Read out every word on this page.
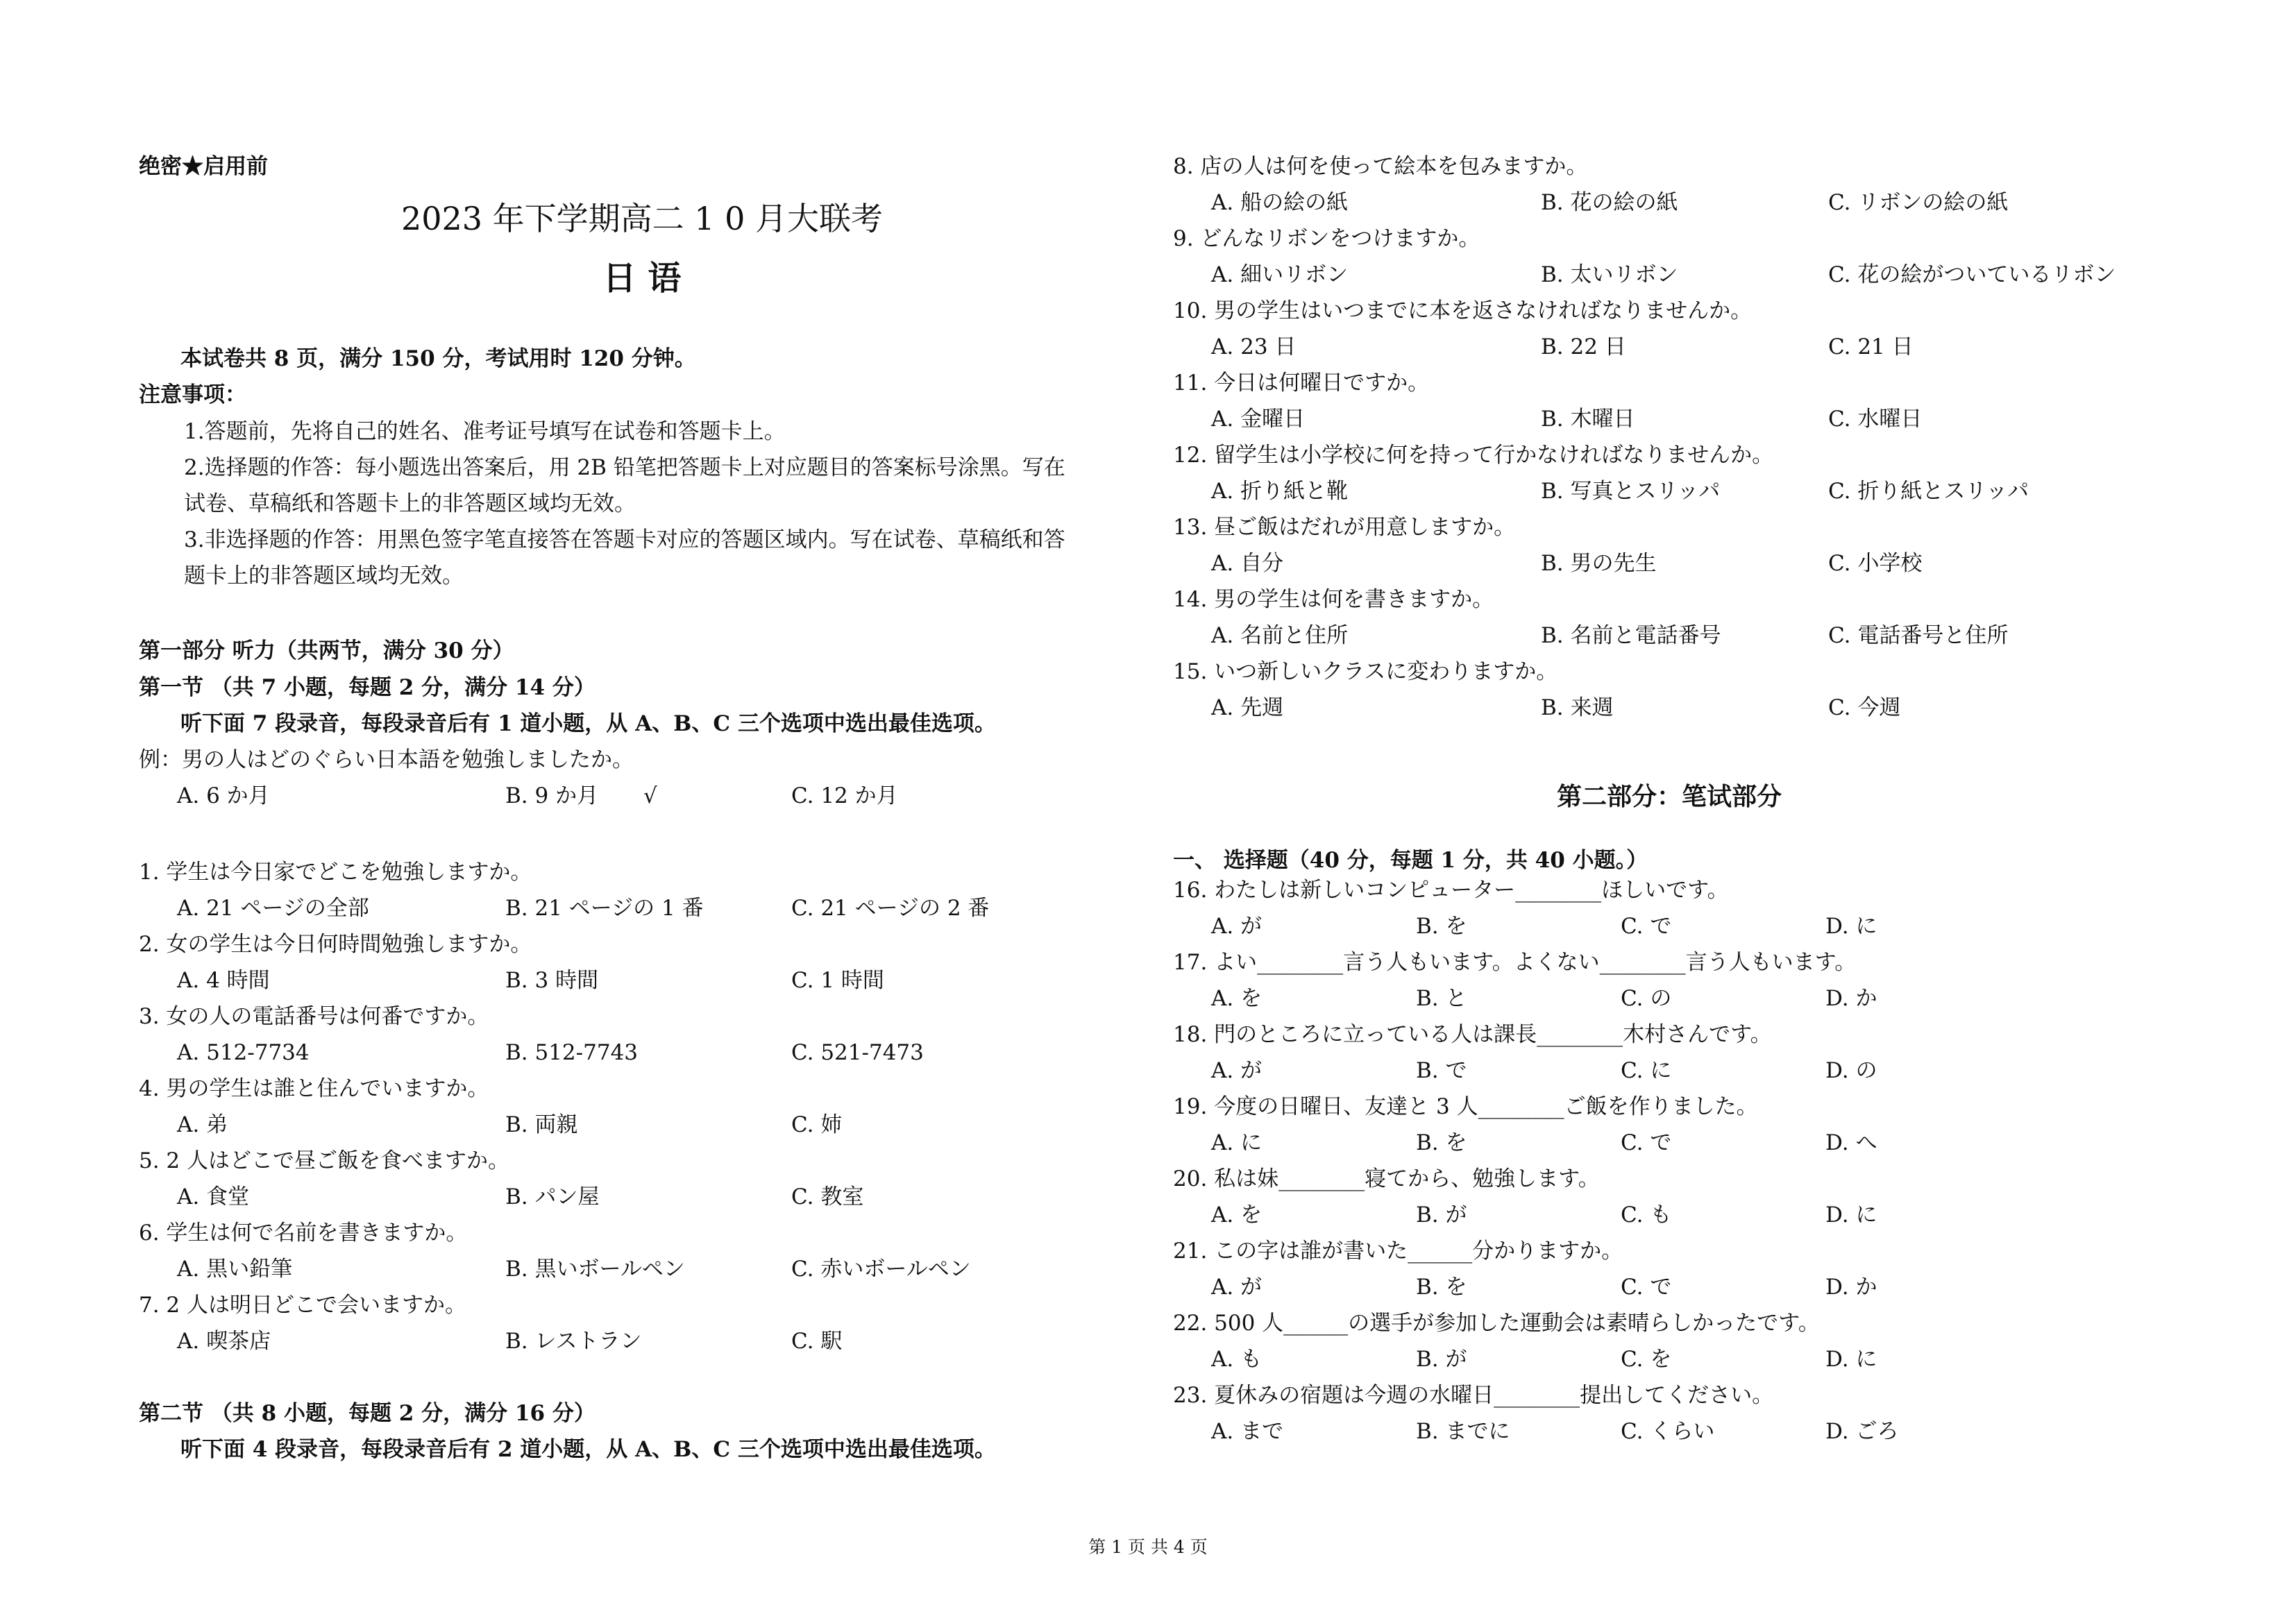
绝密★启用前
2023 年下学期高二 1 0 月大联考
日 语
本试卷共 8 页，满分 150 分，考试用时 120 分钟。
注意事项：
1.答题前，先将自己的姓名、准考证号填写在试卷和答题卡上。
2.选择题的作答：每小题选出答案后，用 2B 铅笔把答题卡上对应题目的答案标号涂黑。写在
试卷、草稿纸和答题卡上的非答题区域均无效。
3.非选择题的作答：用黑色签字笔直接答在答题卡对应的答题区域内。写在试卷、草稿纸和答
题卡上的非答题区域均无效。
第一部分 听力（共两节，满分 30 分）
第一节 （共 7 小题，每题 2 分，满分 14 分）
听下面 7 段录音，每段录音后有 1 道小题，从 A、B、C 三个选项中选出最佳选项。
例：男の人はどのぐらい日本語を勉強しましたか。
A. 6 か月	B. 9 か月 √	C. 12 か月
1. 学生は今日家でどこを勉強しますか。
A. 21 ページの全部	B. 21 ページの 1 番	C. 21 ページの 2 番
2. 女の学生は今日何時間勉強しますか。
A. 4 時間	B. 3 時間	C. 1 時間
3. 女の人の電話番号は何番ですか。
A. 512-7734	B. 512-7743	C. 521-7473
4. 男の学生は誰と住んでいますか。
A. 弟	B. 両親	C. 姉
5. 2 人はどこで昼ご飯を食べますか。
A. 食堂	B. パン屋	C. 教室
6. 学生は何で名前を書きますか。
A. 黒い鉛筆	B. 黒いボールペン	C. 赤いボールペン
7. 2 人は明日どこで会いますか。
A. 喫茶店	B. レストラン	C. 駅
第二节 （共 8 小题，每题 2 分，满分 16 分）
听下面 4 段录音，每段录音后有 2 道小题，从 A、B、C 三个选项中选出最佳选项。
8. 店の人は何を使って絵本を包みますか。
A. 船の絵の紙	B. 花の絵の紙	C. リボンの絵の紙
9. どんなリボンをつけますか。
A. 細いリボン	B. 太いリボン	C. 花の絵がついているリボン
10. 男の学生はいつまでに本を返さなければなりませんか。
A. 23 日	B. 22 日	C. 21 日
11. 今日は何曜日ですか。
A. 金曜日	B. 木曜日	C. 水曜日
12. 留学生は小学校に何を持って行かなければなりませんか。
A. 折り紙と靴	B. 写真とスリッパ	C. 折り紙とスリッパ
13. 昼ご飯はだれが用意しますか。
A. 自分	B. 男の先生	C. 小学校
14. 男の学生は何を書きますか。
A. 名前と住所	B. 名前と電話番号	C. 電話番号と住所
15. いつ新しいクラスに変わりますか。
A. 先週	B. 来週	C. 今週
第二部分：笔试部分
一、 选择题（40 分，每题 1 分，共 40 小题。）
16. わたしは新しいコンピューター________ほしいです。
A. が	B. を	C. で	D. に
17. よい________言う人もいます。よくない________言う人もいます。
A. を	B. と	C. の	D. か
18. 門のところに立っている人は課長________木村さんです。
A. が	B. で	C. に	D. の
19. 今度の日曜日、友達と 3 人________ご飯を作りました。
A. に	B. を	C. で	D. へ
20. 私は妹________寝てから、勉強します。
A. を	B. が	C. も	D. に
21. この字は誰が書いた______分かりますか。
A. が	B. を	C. で	D. か
22. 500 人______の選手が参加した運動会は素晴らしかったです。
A. も	B. が	C. を	D. に
23. 夏休みの宿題は今週の水曜日________提出してください。
A. まで	B. までに	C. くらい	D. ごろ
第 1 页 共 4 页
